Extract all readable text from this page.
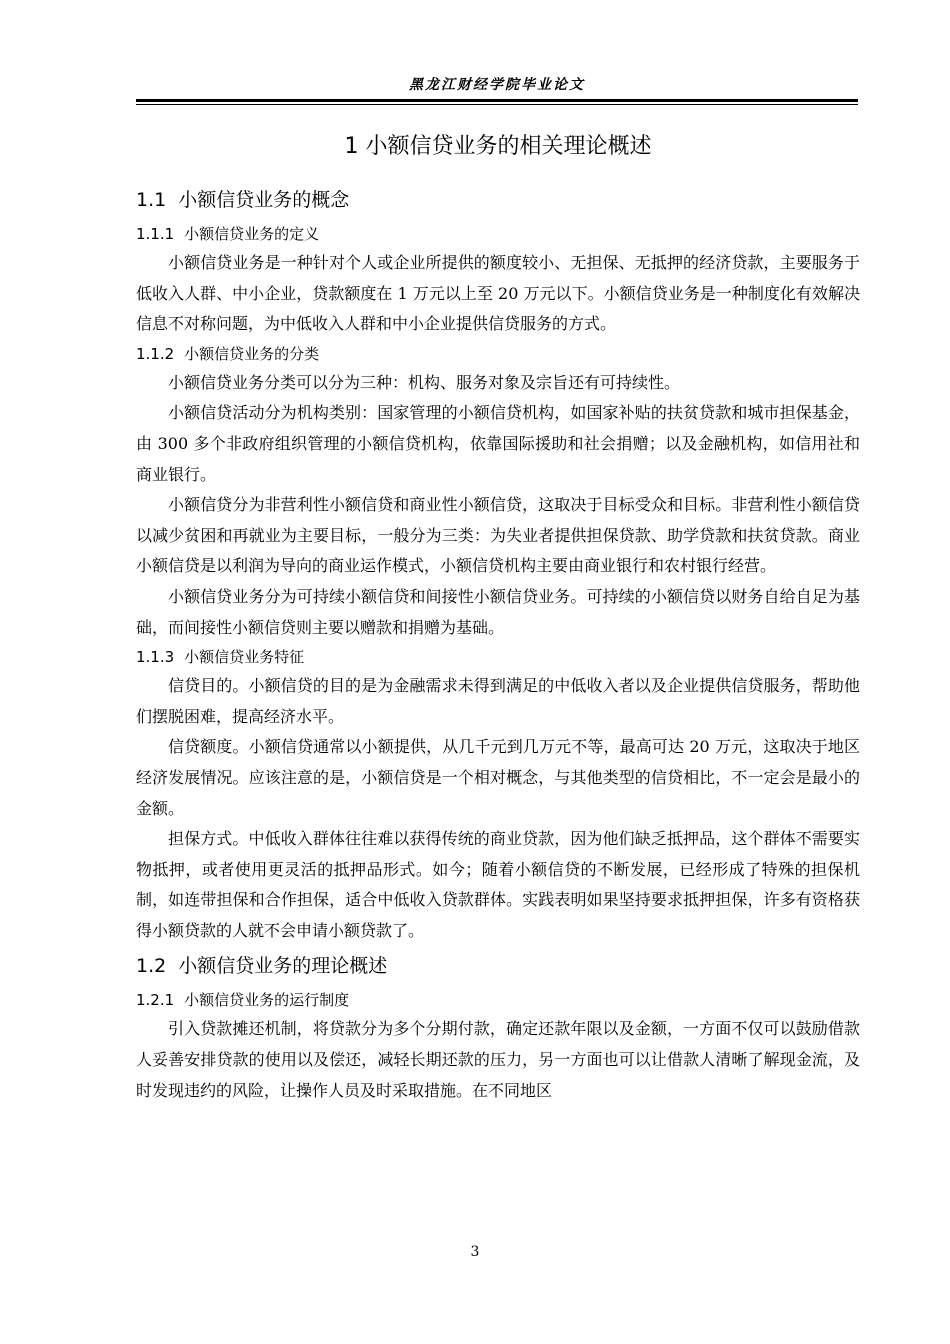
黑龙江财经学院毕业论文
1 小额信贷业务的相关理论概述
1.1 小额信贷业务的概念
1.1.1 小额信贷业务的定义

小额信贷业务是一种针对个人或企业所提供的额度较小、无担保、无抵押的经济贷款，主要服务于低收入人群、中小企业，贷款额度在 1 万元以上至 20 万元以下。小额信贷业务是一种制度化有效解决信息不对称问题，为中低收入人群和中小企业提供信贷服务的方式。

1.1.2 小额信贷业务的分类

小额信贷业务分类可以分为三种：机构、服务对象及宗旨还有可持续性。

小额信贷活动分为机构类别：国家管理的小额信贷机构，如国家补贴的扶贫贷款和城市担保基金，由 300 多个非政府组织管理的小额信贷机构，依靠国际援助和社会捐赠；以及金融机构，如信用社和商业银行。

小额信贷分为非营利性小额信贷和商业性小额信贷，这取决于目标受众和目标。非营利性小额信贷以减少贫困和再就业为主要目标，一般分为三类：为失业者提供担保贷款、助学贷款和扶贫贷款。商业小额信贷是以利润为导向的商业运作模式，小额信贷机构主要由商业银行和农村银行经营。

小额信贷业务分为可持续小额信贷和间接性小额信贷业务。可持续的小额信贷以财务自给自足为基础，而间接性小额信贷则主要以赠款和捐赠为基础。

1.1.3 小额信贷业务特征

信贷目的。小额信贷的目的是为金融需求未得到满足的中低收入者以及企业提供信贷服务，帮助他们摆脱困难，提高经济水平。

信贷额度。小额信贷通常以小额提供，从几千元到几万元不等，最高可达 20 万元，这取决于地区经济发展情况。应该注意的是，小额信贷是一个相对概念，与其他类型的信贷相比，不一定会是最小的金额。

担保方式。中低收入群体往往难以获得传统的商业贷款，因为他们缺乏抵押品，这个群体不需要实物抵押，或者使用更灵活的抵押品形式。如今；随着小额信贷的不断发展，已经形成了特殊的担保机制，如连带担保和合作担保，适合中低收入贷款群体。实践表明如果坚持要求抵押担保，许多有资格获得小额贷款的人就不会申请小额贷款了。

1.2 小额信贷业务的理论概述
1.2.1 小额信贷业务的运行制度

引入贷款摊还机制，将贷款分为多个分期付款，确定还款年限以及金额，一方面不仅可以鼓励借款人妥善安排贷款的使用以及偿还，减轻长期还款的压力，另一方面也可以让借款人清晰了解现金流，及时发现违约的风险，让操作人员及时采取措施。在不同地区

3
